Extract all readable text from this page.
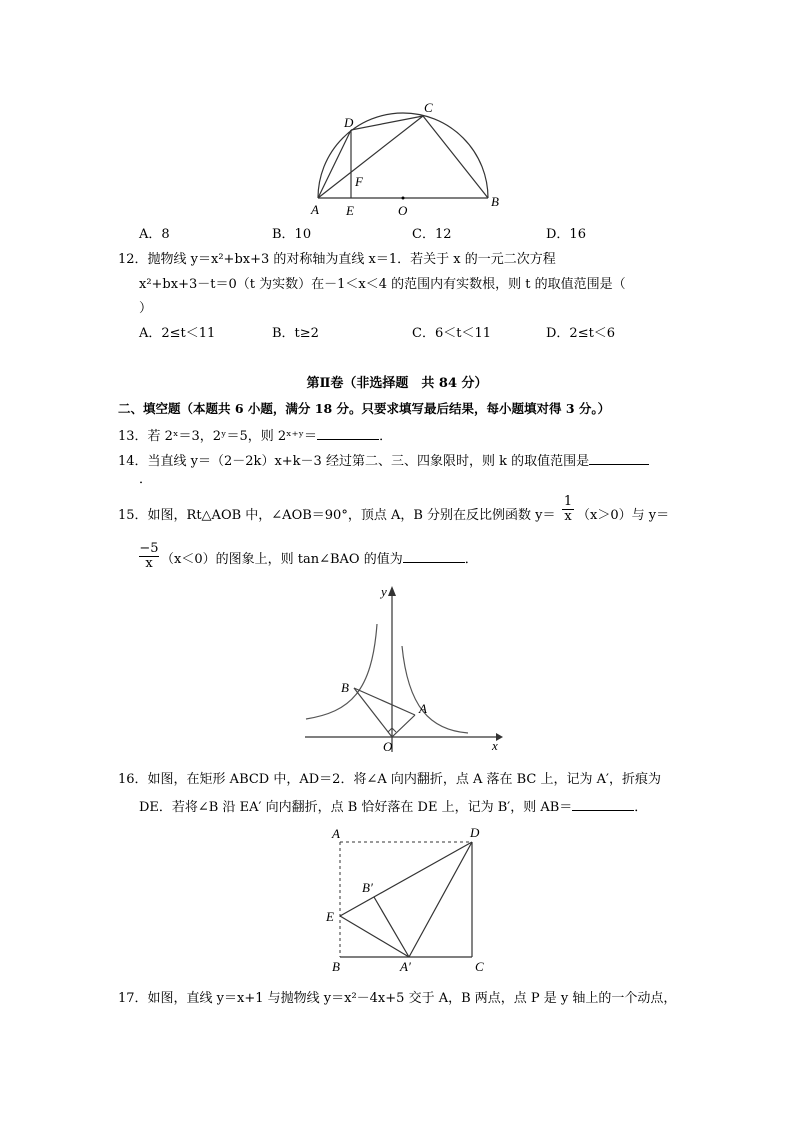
D
C
F
A E	O
B
A．8	B．10	C．12	D．16
12．抛物线 y＝x²+bx+3 的对称轴为直线 x＝1．若关于 x 的一元二次方程
x²+bx+3－t＝0（t 为实数）在－1＜x＜4 的范围内有实数根，则 t 的取值范围是（
）
A．2≤t＜11	B．t≥2	C．6＜t＜11	D．2≤t＜6
第Ⅱ卷（非选择题　共 84 分）
二、填空题（本题共 6 小题，满分 18 分。只要求填写最后结果，每小题填对得 3 分。）
13．若 2ˣ＝3，2ʸ＝5，则 2ˣ⁺ʸ＝	．
14．当直线 y＝（2－2k）x+k－3 经过第二、三、四象限时，则 k 的取值范围是
．
15．如图，Rt△AOB 中，∠AOB＝90°，顶点 A，B 分别在反比例函数 $y= \frac{1}{x} (x>0)$与 y＝
$\frac{-5}{x} (x<0)$的图象上，则 tan∠BAO 的值为	．
y
x
B
A
O
16．如图，在矩形 ABCD 中，AD＝2．将∠A 向内翻折，点 A 落在 BC 上，记为 A′，折痕为
DE．若将∠B 沿 EA′ 向内翻折，点 B 恰好落在 DE 上，记为 B′，则 AB＝	．
A	D
B′
E
B	A′	C
17．如图，直线 y＝x+1 与抛物线 y＝x²－4x+5 交于 A，B 两点，点 P 是 y 轴上的一个动点，
